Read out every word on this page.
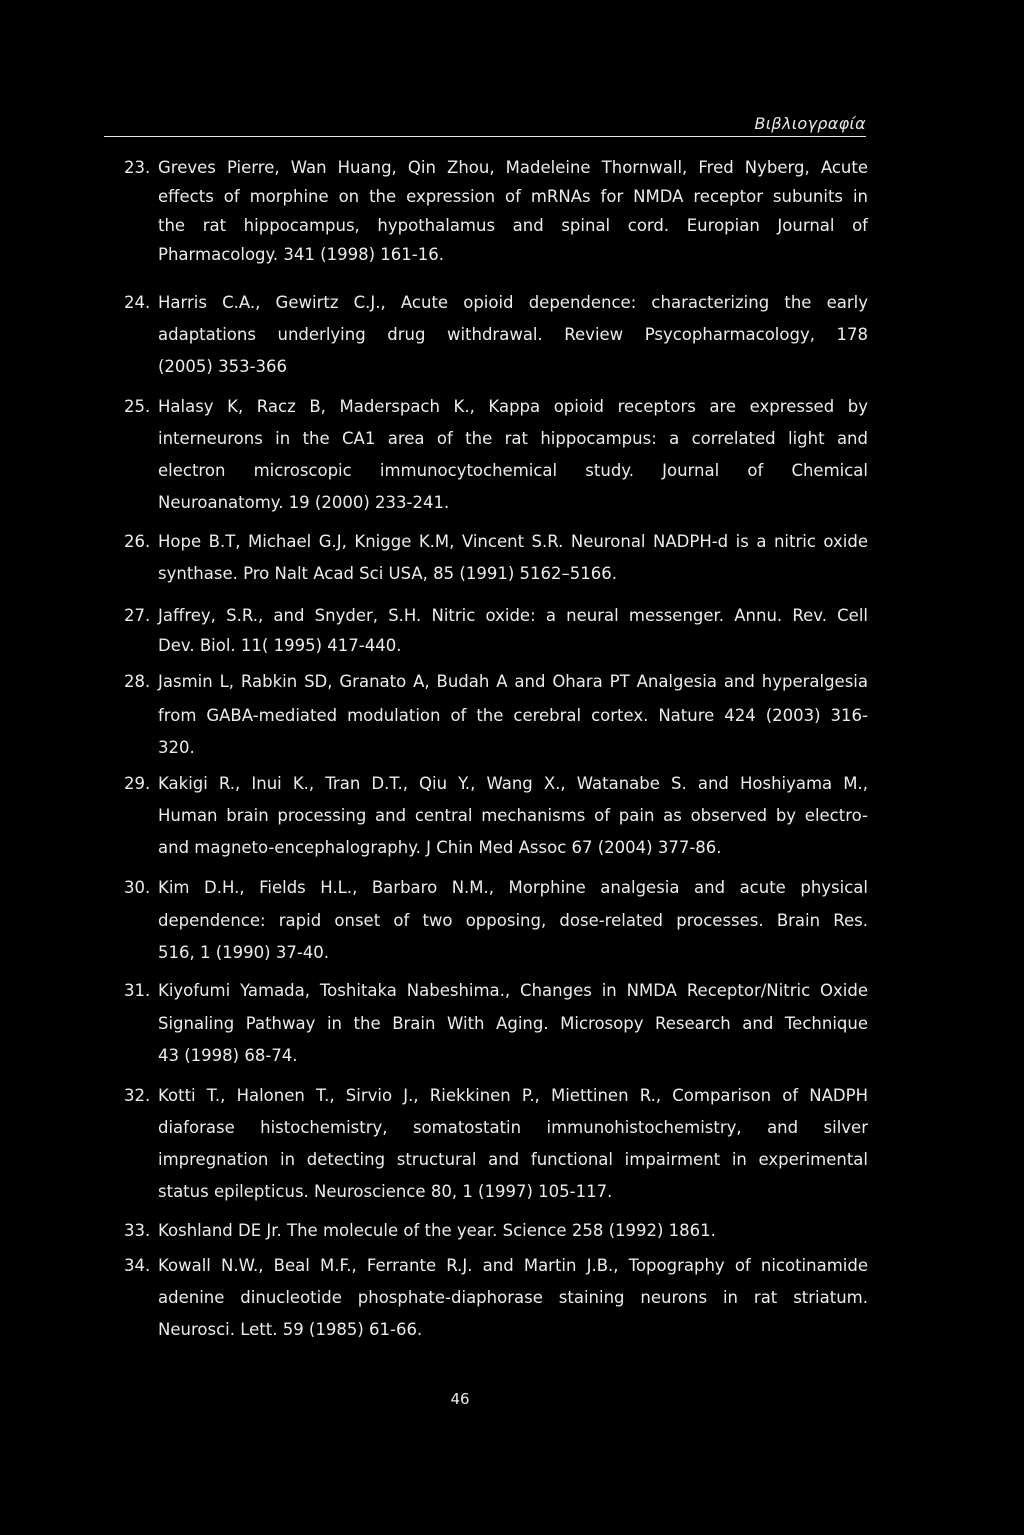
Βιβλιογραφία
23. Greves Pierre, Wan Huang, Qin Zhou, Madeleine Thornwall, Fred Nyberg, Acute
effects of morphine on the expression of mRNAs for NMDA receptor subunits in
the rat hippocampus, hypothalamus and spinal cord. Europian Journal of
Pharmacology. 341 (1998) 161-16.
24. Harris C.A., Gewirtz C.J., Acute opioid dependence: characterizing the early
adaptations underlying drug withdrawal. Review Psycopharmacology, 178
(2005) 353-366
25. Halasy K, Racz B, Maderspach K., Kappa opioid receptors are expressed by
interneurons in the CA1 area of the rat hippocampus: a correlated light and
electron microscopic immunocytochemical study. Journal of Chemical
Neuroanatomy. 19 (2000) 233-241.
26. Hope B.T, Michael G.J, Knigge K.M, Vincent S.R. Neuronal NADPH-d is a nitric oxide
synthase. Pro Nalt Acad Sci USA, 85 (1991) 5162–5166.
27. Jaffrey, S.R., and Snyder, S.H. Nitric oxide: a neural messenger. Annu. Rev. Cell
Dev. Biol. 11( 1995) 417-440.
28. Jasmin L, Rabkin SD, Granato A, Budah A and Ohara PT Analgesia and hyperalgesia
from GABA-mediated modulation of the cerebral cortex. Nature 424 (2003) 316-
320.
29. Kakigi R., Inui K., Tran D.T., Qiu Y., Wang X., Watanabe S. and Hoshiyama M.,
Human brain processing and central mechanisms of pain as observed by electro-
and magneto-encephalography. J Chin Med Assoc 67 (2004) 377-86.
30. Kim D.H., Fields H.L., Barbaro N.M., Morphine analgesia and acute physical
dependence: rapid onset of two opposing, dose-related processes. Brain Res.
516, 1 (1990) 37-40.
31. Kiyofumi Yamada, Toshitaka Nabeshima., Changes in NMDA Receptor/Nitric Oxide
Signaling Pathway in the Brain With Aging. Microsopy Research and Technique
43 (1998) 68-74.
32. Kotti T., Halonen T., Sirvio J., Riekkinen P., Miettinen R., Comparison of NADPH
diaforase histochemistry, somatostatin immunohistochemistry, and silver
impregnation in detecting structural and functional impairment in experimental
status epilepticus. Neuroscience 80, 1 (1997) 105-117.
33. Koshland DE Jr. The molecule of the year. Science 258 (1992) 1861.
34. Kowall N.W., Beal M.F., Ferrante R.J. and Martin J.B., Topography of nicotinamide
adenine dinucleotide phosphate-diaphorase staining neurons in rat striatum.
Neurosci. Lett. 59 (1985) 61-66.
46
